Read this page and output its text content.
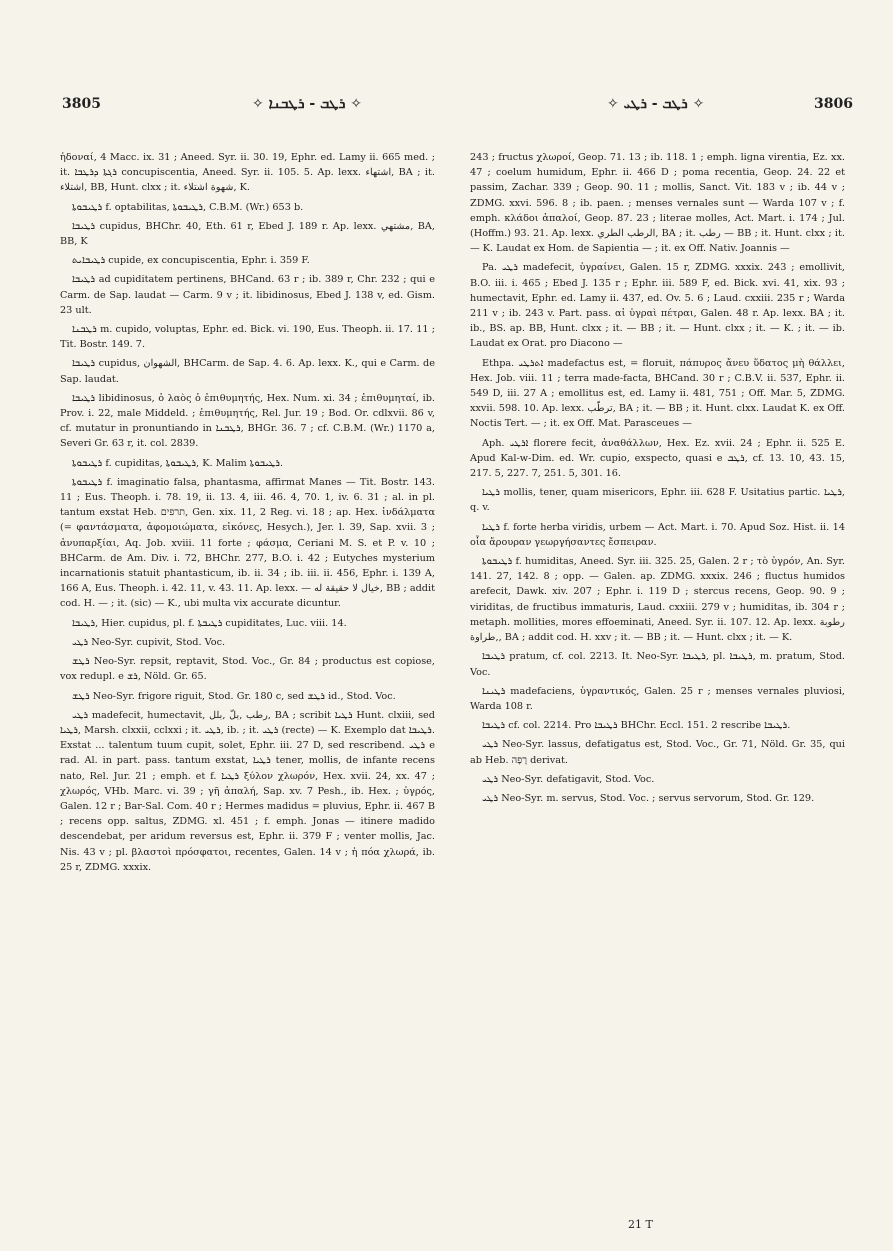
3805	✧ ܪܛܒ - ܪܛܒܢܐ ✧	✧ ܪܛܒ - ܪܛܝ ✧	3806

ἡδοναί, 4 Macc. ix. 31 ; Aneed. Syr. ii. 30. 19, Ephr. ed. Lamy ii. 665 med. ; it. ܪܓܬܐ ܕܪܛܒܐ concupiscentia, Aneed. Syr. ii. 105. 5. Ap. lexx. اشتهاء, BA ; it. اشتلاء, BB, Hunt. clxx ; it. شهوة اشتلاء, K.

ܪܛܝܒܘܬܐ f. optabilitas, ܪܛܝܒܘܬܐ, C.B.M. (Wr.) 653 b.

ܪܛܝܒܐ cupidus, BHChr. 40, Eth. 61 r, Ebed J. 189 r. Ap. lexx. مشتهي, BA, BB, K

ܪܛܝܒܐܝܬ cupide, ex concupiscentia, Ephr. i. 359 F.

ܪܛܝܒܐ ad cupiditatem pertinens, BHCand. 63 r ; ib. 389 r, Chr. 232 ; qui e Carm. de Sap. laudat — Carm. 9 v ; it. libidinosus, Ebed J. 138 v, ed. Gism. 23 ult.

ܪܛܒܢܐ m. cupido, voluptas, Ephr. ed. Bick. vi. 190, Eus. Theoph. ii. 17. 11 ; Tit. Bostr. 149. 7.

ܪܛܝܒܐ cupidus, الشهوان, BHCarm. de Sap. 4. 6. Ap. lexx. K., qui e Carm. de Sap. laudat.

ܪܛܝܒܐ libidinosus, ὁ λαὸς ὁ ἐπιθυμητής, Hex. Num. xi. 34 ; ἐπιθυμηταί, ib. Prov. i. 22, male Middeld. ; ἐπιθυμητής, Rel. Jur. 19 ; Bod. Or. cdlxvii. 86 v, cf. mutatur in pronuntiando in ܪܛܒܢܐ, BHGr. 36. 7 ; cf. C.B.M. (Wr.) 1170 a, Severi Gr. 63 r, it. col. 2839.

ܪܛܝܒܘܬܐ f. cupiditas, ܪܛܝܒܘܬܐ, K. Malim ܪܛܝܒܘܬܐ.

ܪܛܝܒܘܬܐ f. imaginatio falsa, phantasma, affirmat Manes — Tit. Bostr. 143. 11 ; Eus. Theoph. i. 78. 19, ii. 13. 4, iii. 46. 4, 70. 1, iv. 6. 31 ; al. in pl. tantum exstat Heb. תרפים, Gen. xix. 11, 2 Reg. vi. 18 ; ap. Hex. ἰνδάλματα (= φαντάσματα, ἀφομοιώματα, εἰκόνες, Hesych.), Jer. l. 39, Sap. xvii. 3 ; ἀνυπαρξίαι, Aq. Job. xviii. 11 forte ; φάσμα, Ceriani M. S. et P. v. 10 ; BHCarm. de Am. Div. i. 72, BHChr. 277, B.O. i. 42 ; Eutyches mysterium incarnationis statuit phantasticum, ib. ii. 34 ; ib. iii. ii. 456, Ephr. i. 139 A, 166 A, Eus. Theoph. i. 42. 11, v. 43. 11. Ap. lexx. — خيال لا حقيقة له, BB ; addit cod. H. — ; it. (sic) — K., ubi multa vix accurate dicuntur.

ܪܛܝܒܐ, Hier. cupidus, pl. f. ܪܛܝܒܬܐ cupiditates, Luc. viii. 14.

ܪܛܝ Neo-Syr. cupivit, Stod. Voc.

ܪܛܫ Neo-Syr. repsit, reptavit, Stod. Voc., Gr. 84 ; productus est copiose, vox redupl. e ܪܫ, Nöld. Gr. 65.

ܪܛܫ Neo-Syr. frigore riguit, Stod. Gr. 180 c, sed ܪܛܫ id., Stod. Voc.

ܪܛܝ madefecit, humectavit, رطب ,بلّ ,بلل, BA ; scribit ܪܛܝܐ Hunt. clxiii, sed ܪܛܝܐ, Marsh. clxxii, cclxxi ; it. ܪܛܝ, ib. ; it. ܪܛܝ (recte) — K. Exemplo dat ܪܛܝܒܐ. Exstat ... talentum tuum cupit, solet, Ephr. iii. 27 D, sed rescribend. ܪܛܝ e rad. Al. in part. pass. tantum exstat, ܪܛܝܐ tener, mollis, de infante recens nato, Rel. Jur. 21 ; emph. et f. ܪܛܝܐ ξύλον χλωρόν, Hex. xvii. 24, xx. 47 ; χλωρός, VHb. Marc. vi. 39 ; γῆ ἁπαλή, Sap. xv. 7 Pesh., ib. Hex. ; ὑγρός, Galen. 12 r ; Bar-Sal. Com. 40 r ; Hermes madidus = pluvius, Ephr. ii. 467 B ; recens opp. saltus, ZDMG. xl. 451 ; f. emph. Jonas — itinere madido descendebat, per aridum reversus est, Ephr. ii. 379 F ; venter mollis, Jac. Nis. 43 v ; pl. βλαστοὶ πρόσφατοι, recentes, Galen. 14 v ; ἡ πόα χλωρά, ib. 25 r, ZDMG. xxxix.

243 ; fructus χλωροί, Geop. 71. 13 ; ib. 118. 1 ; emph. ligna virentia, Ez. xx. 47 ; coelum humidum, Ephr. ii. 466 D ; poma recentia, Geop. 24. 22 et passim, Zachar. 339 ; Geop. 90. 11 ; mollis, Sanct. Vit. 183 v ; ib. 44 v ; ZDMG. xxvi. 596. 8 ; ib. paen. ; menses vernales sunt — Warda 107 v ; f. emph. κλάδοι ἁπαλοί, Geop. 87. 23 ; literae molles, Act. Mart. i. 174 ; Jul. (Hoffm.) 93. 21. Ap. lexx. الرطب الطري, BA ; it. رطب — BB ; it. Hunt. clxx ; it. — K. Laudat ex Hom. de Sapientia — ; it. ex Off. Nativ. Joannis —

Pa. ܪܛܝ madefecit, ὑγραίνει, Galen. 15 r, ZDMG. xxxix. 243 ; emollivit, B.O. iii. i. 465 ; Ebed J. 135 r ; Ephr. iii. 589 F, ed. Bick. xvi. 41, xix. 93 ; humectavit, Ephr. ed. Lamy ii. 437, ed. Ov. 5. 6 ; Laud. cxxiii. 235 r ; Warda 211 v ; ib. 243 v. Part. pass. αἱ ὑγραὶ πέτραι, Galen. 48 r. Ap. lexx. BA ; it. ib., BS. ap. BB, Hunt. clxx ; it. — BB ; it. — Hunt. clxx ; it. — K. ; it. — ib. Laudat ex Orat. pro Diacono —

Ethpa. ܐܬܪܛܝ madefactus est, = floruit, πάπυρος ἄνευ ὕδατος μὴ θάλλει, Hex. Job. viii. 11 ; terra made-facta, BHCand. 30 r ; C.B.V. ii. 537, Ephr. ii. 549 D, iii. 27 A ; emollitus est, ed. Lamy ii. 481, 751 ; Off. Mar. 5, ZDMG. xxvii. 598. 10. Ap. lexx. ترطّب, BA ; it. — BB ; it. Hunt. clxx. Laudat K. ex Off. Noctis Tert. — ; it. ex Off. Mat. Parasceues —

Aph. ܐܪܛܝ florere fecit, ἀναθάλλων, Hex. Ez. xvii. 24 ; Ephr. ii. 525 E. Apud Kal-w-Dim. ed. Wr. cupio, exspecto, quasi e ܪܛܒ, cf. 13. 10, 43. 15, 217. 5, 227. 7, 251. 5, 301. 16.

ܪܛܝܐ mollis, tener, quam misericors, Ephr. iii. 628 F. Usitatius partic. ܪܛܝܐ, q. v.

ܪܛܝܐ f. forte herba viridis, urbem — Act. Mart. i. 70. Apud Soz. Hist. ii. 14 οἷα ἄρουραν γεωργήσαντες ἔσπειραν.

ܪܛܝܒܘܬܐ f. humiditas, Aneed. Syr. iii. 325. 25, Galen. 2 r ; τὸ ὑγρόν, An. Syr. 141. 27, 142. 8 ; opp. — Galen. ap. ZDMG. xxxix. 246 ; fluctus humidos arefecit, Dawk. xiv. 207 ; Ephr. i. 119 D ; stercus recens, Geop. 90. 9 ; viriditas, de fructibus immaturis, Laud. cxxiii. 279 v ; humiditas, ib. 304 r ; metaph. mollities, mores effoeminati, Aneed. Syr. ii. 107. 12. Ap. lexx. رطوبة ,طراوة, BA ; addit cod. H. xxv ; it. — BB ; it. — Hunt. clxx ; it. — K.

ܪܛܝܒܐ pratum, cf. col. 2213. It. Neo-Syr. ܪܛܝܒܐ, pl. ܪܛܝܒܐ, m. pratum, Stod. Voc.

ܪܛܝܢܐ madefaciens, ὑγραντικός, Galen. 25 r ; menses vernales pluviosi, Warda 108 r.

ܪܛܝܒܐ cf. col. 2214. Pro ܪܛܝܒܐ BHChr. Eccl. 151. 2 rescribe ܪܛܝܒܐ.

ܪܛܝ Neo-Syr. lassus, defatigatus est, Stod. Voc., Gr. 71, Nöld. Gr. 35, qui ab Heb. רָפָה derivat.

ܪܛܝ Neo-Syr. defatigavit, Stod. Voc.

ܪܛܝ Neo-Syr. m. servus, Stod. Voc. ; servus servorum, Stod. Gr. 129.

21 T
